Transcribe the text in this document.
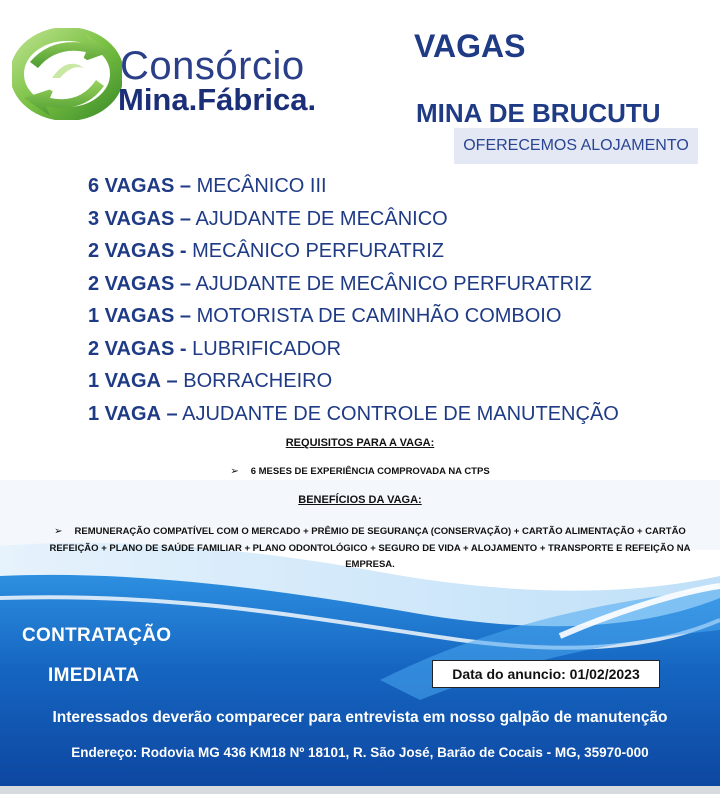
Consórcio
Mina.Fábrica.
VAGAS
MINA DE BRUCUTU
OFERECEMOS ALOJAMENTO
6 VAGAS – MECÂNICO III
3 VAGAS – AJUDANTE DE MECÂNICO
2 VAGAS - MECÂNICO PERFURATRIZ
2 VAGAS – AJUDANTE DE MECÂNICO PERFURATRIZ
1 VAGAS – MOTORISTA DE CAMINHÃO COMBOIO
2 VAGAS - LUBRIFICADOR
1 VAGA – BORRACHEIRO
1 VAGA – AJUDANTE DE CONTROLE DE MANUTENÇÃO
REQUISITOS PARA A VAGA:
➢ 6 MESES DE EXPERIÊNCIA COMPROVADA NA CTPS
BENEFÍCIOS DA VAGA:
➢ REMUNERAÇÃO COMPATÍVEL COM O MERCADO + PRÊMIO DE SEGURANÇA (CONSERVAÇÃO) + CARTÃO ALIMENTAÇÃO + CARTÃO REFEIÇÃO + PLANO DE SAÚDE FAMILIAR + PLANO ODONTOLÓGICO + SEGURO DE VIDA + ALOJAMENTO + TRANSPORTE E REFEIÇÃO NA EMPRESA.
CONTRATAÇÃO
IMEDIATA	Data do anuncio: 01/02/2023
Interessados deverão comparecer para entrevista em nosso galpão de manutenção
Endereço: Rodovia MG 436 KM18 Nº 18101, R. São José, Barão de Cocais - MG, 35970-000
